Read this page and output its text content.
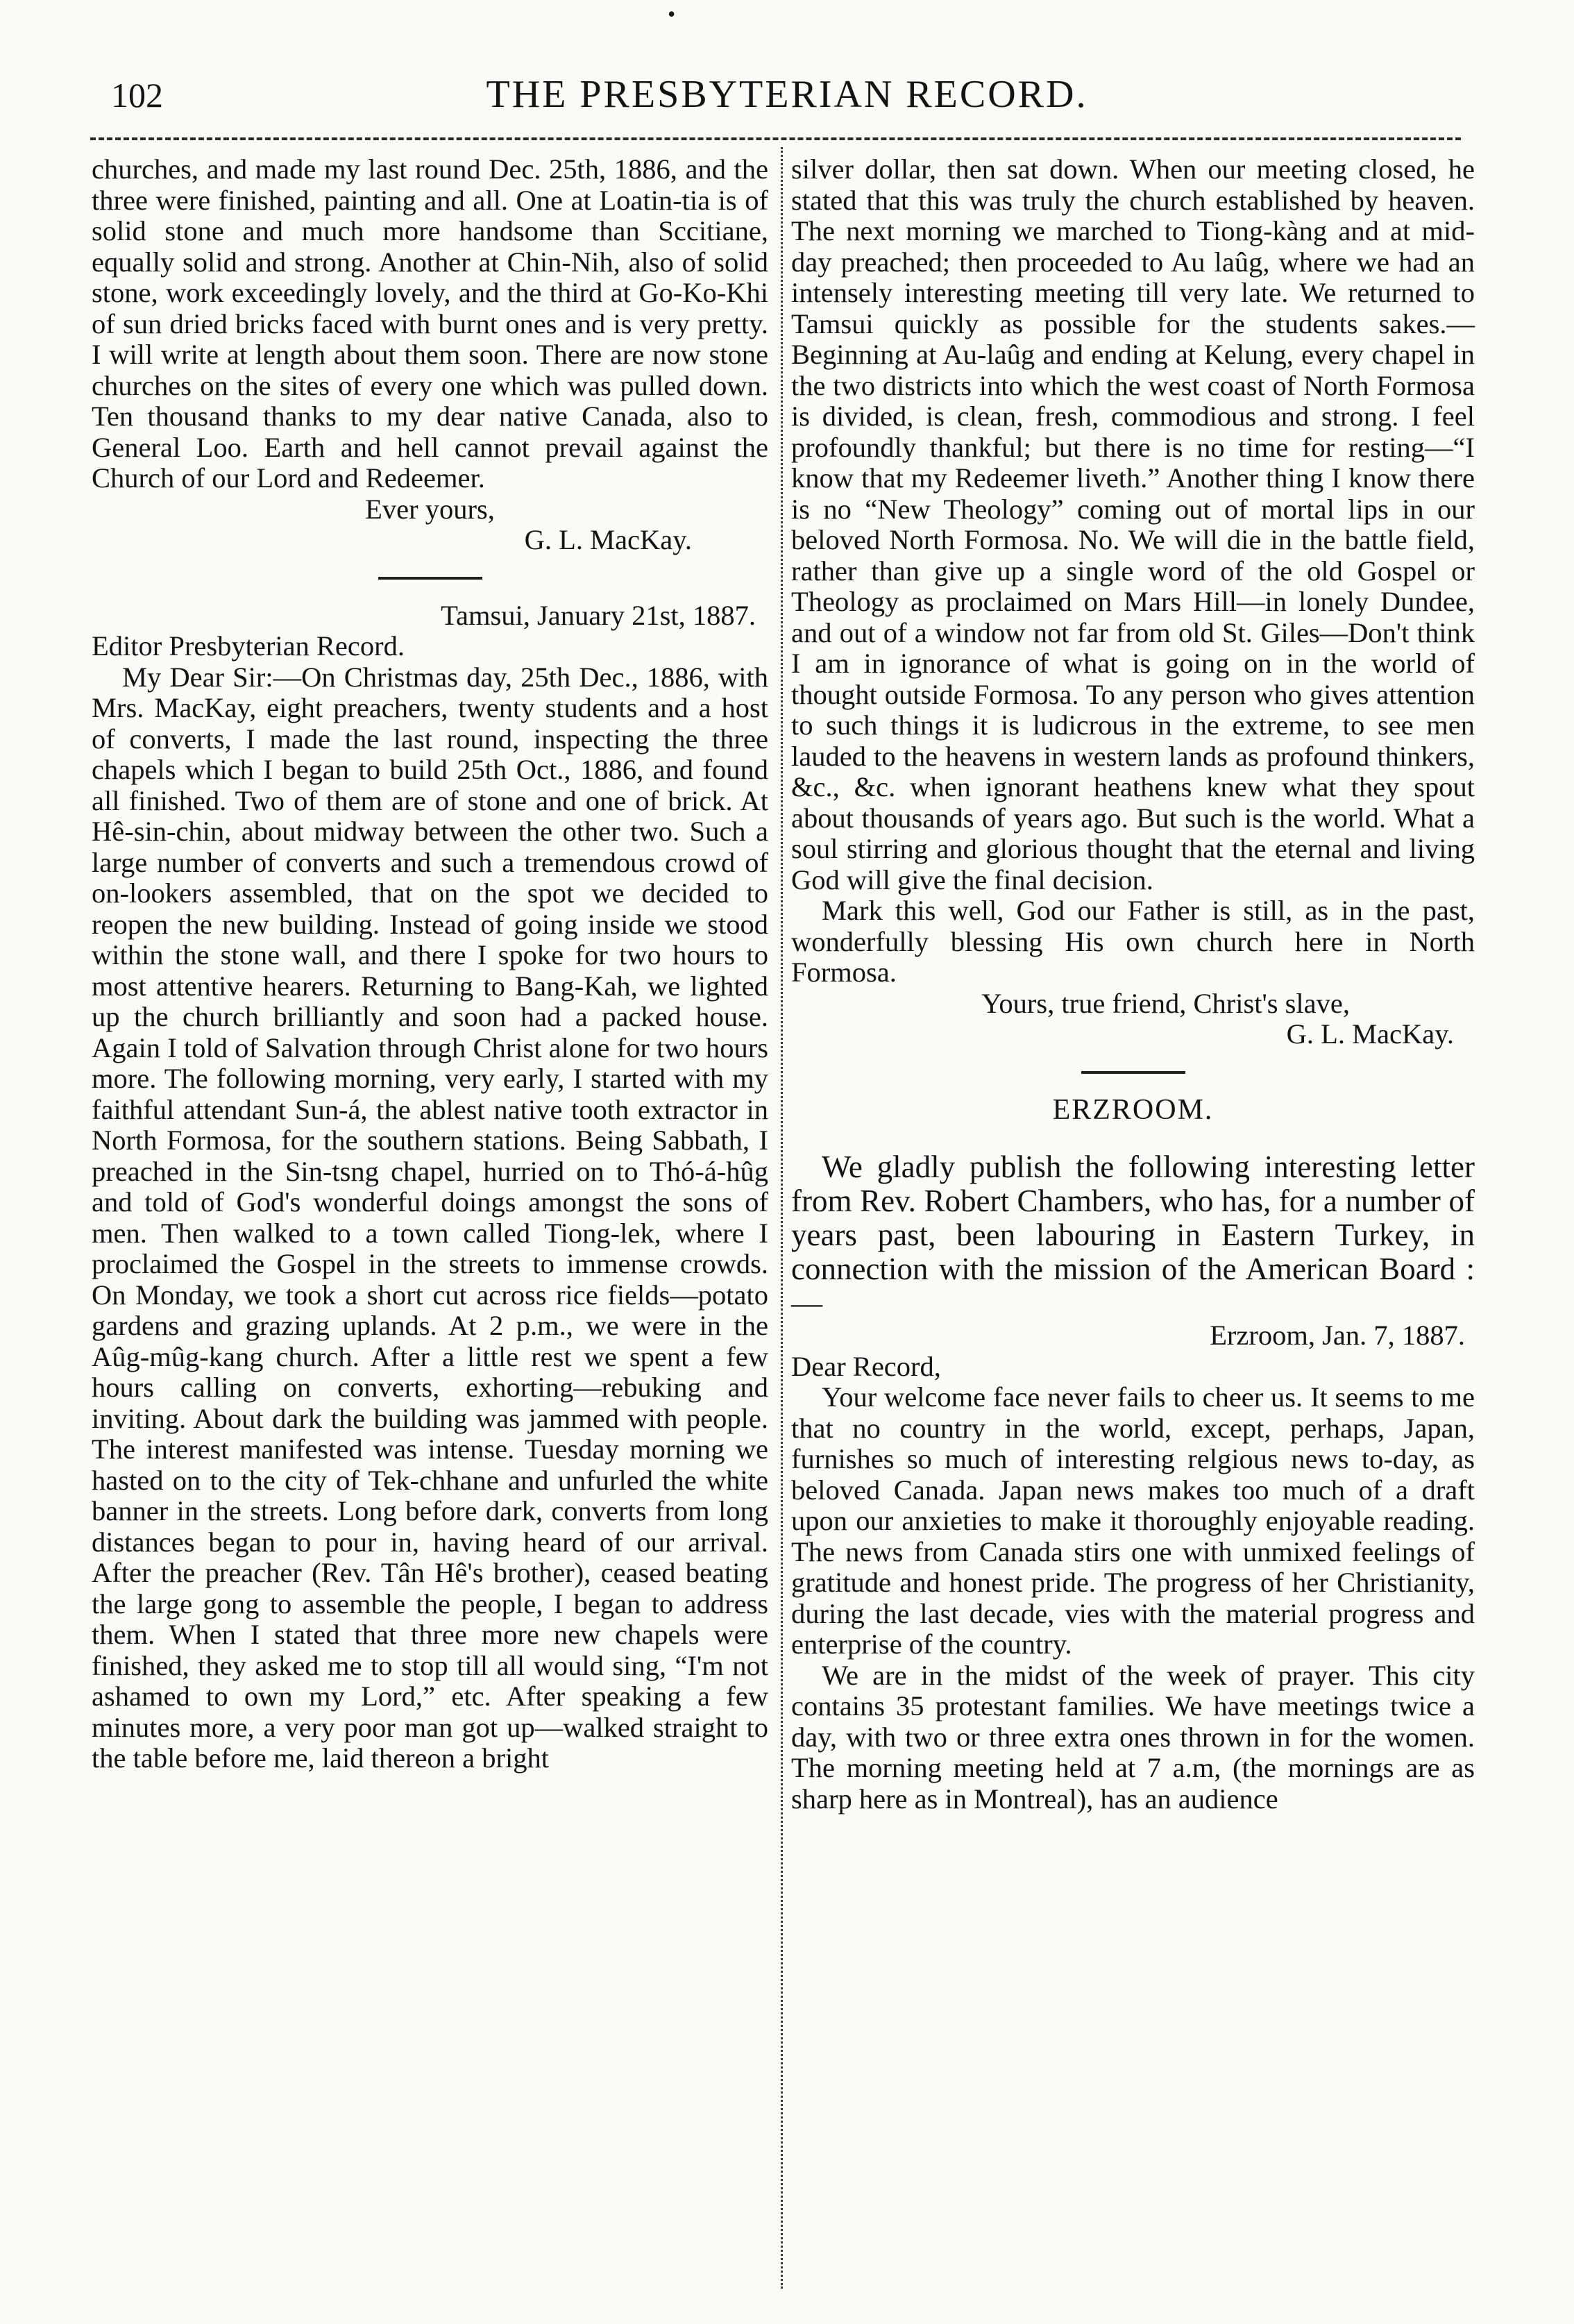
•
102	THE PRESBYTERIAN RECORD.

churches, and made my last round Dec. 25th, 1886, and the three were finished, painting and all. One at Loatin-tia is of solid stone and much more handsome than Sccitiane, equally solid and strong. Another at Chin-Nih, also of solid stone, work exceedingly lovely, and the third at Go-Ko-Khi of sun dried bricks faced with burnt ones and is very pretty. I will write at length about them soon. There are now stone churches on the sites of every one which was pulled down. Ten thousand thanks to my dear native Canada, also to General Loo. Earth and hell cannot prevail against the Church of our Lord and Redeemer.

Ever yours,

G. L. MacKay.

Tamsui, January 21st, 1887.

Editor Presbyterian Record.

My Dear Sir:—On Christmas day, 25th Dec., 1886, with Mrs. MacKay, eight preachers, twenty students and a host of converts, I made the last round, inspecting the three chapels which I began to build 25th Oct., 1886, and found all finished. Two of them are of stone and one of brick. At Hê-sin-chin, about midway between the other two. Such a large number of converts and such a tremendous crowd of on-lookers assembled, that on the spot we decided to reopen the new building. Instead of going inside we stood within the stone wall, and there I spoke for two hours to most attentive hearers. Returning to Bang-Kah, we lighted up the church brilliantly and soon had a packed house. Again I told of Salvation through Christ alone for two hours more. The following morning, very early, I started with my faithful attendant Sun-á, the ablest native tooth extractor in North Formosa, for the southern stations. Being Sabbath, I preached in the Sin-tsng chapel, hurried on to Thó-á-hûg and told of God's wonderful doings amongst the sons of men. Then walked to a town called Tiong-lek, where I proclaimed the Gospel in the streets to immense crowds. On Monday, we took a short cut across rice fields—potato gardens and grazing uplands. At 2 p.m., we were in the Aûg-mûg-kang church. After a little rest we spent a few hours calling on converts, exhorting—rebuking and inviting. About dark the building was jammed with people. The interest manifested was intense. Tuesday morning we hasted on to the city of Tek-chhane and unfurled the white banner in the streets. Long before dark, converts from long distances began to pour in, having heard of our arrival. After the preacher (Rev. Tân Hê's brother), ceased beating the large gong to assemble the people, I began to address them. When I stated that three more new chapels were finished, they asked me to stop till all would sing, “I'm not ashamed to own my Lord,” etc. After speaking a few minutes more, a very poor man got up—walked straight to the table before me, laid thereon a bright

silver dollar, then sat down. When our meeting closed, he stated that this was truly the church established by heaven. The next morning we marched to Tiong-kàng and at mid-day preached; then proceeded to Au laûg, where we had an intensely interesting meeting till very late. We returned to Tamsui quickly as possible for the students sakes.—Beginning at Au-laûg and ending at Kelung, every chapel in the two districts into which the west coast of North Formosa is divided, is clean, fresh, commodious and strong. I feel profoundly thankful; but there is no time for resting—“I know that my Redeemer liveth.” Another thing I know there is no “New Theology” coming out of mortal lips in our beloved North Formosa. No. We will die in the battle field, rather than give up a single word of the old Gospel or Theology as proclaimed on Mars Hill—in lonely Dundee, and out of a window not far from old St. Giles—Don't think I am in ignorance of what is going on in the world of thought outside Formosa. To any person who gives attention to such things it is ludicrous in the extreme, to see men lauded to the heavens in western lands as profound thinkers, &c., &c. when ignorant heathens knew what they spout about thousands of years ago. But such is the world. What a soul stirring and glorious thought that the eternal and living God will give the final decision.

Mark this well, God our Father is still, as in the past, wonderfully blessing His own church here in North Formosa.

Yours, true friend, Christ's slave,

G. L. MacKay.

ERZROOM.

We gladly publish the following interesting letter from Rev. Robert Chambers, who has, for a number of years past, been labouring in Eastern Turkey, in connection with the mission of the American Board :—

Erzroom, Jan. 7, 1887.

Dear Record,

Your welcome face never fails to cheer us. It seems to me that no country in the world, except, perhaps, Japan, furnishes so much of interesting relgious news to-day, as beloved Canada. Japan news makes too much of a draft upon our anxieties to make it thoroughly enjoyable reading. The news from Canada stirs one with unmixed feelings of gratitude and honest pride. The progress of her Christianity, during the last decade, vies with the material progress and enterprise of the country.

We are in the midst of the week of prayer. This city contains 35 protestant families. We have meetings twice a day, with two or three extra ones thrown in for the women. The morning meeting held at 7 a.m, (the mornings are as sharp here as in Montreal), has an audience
